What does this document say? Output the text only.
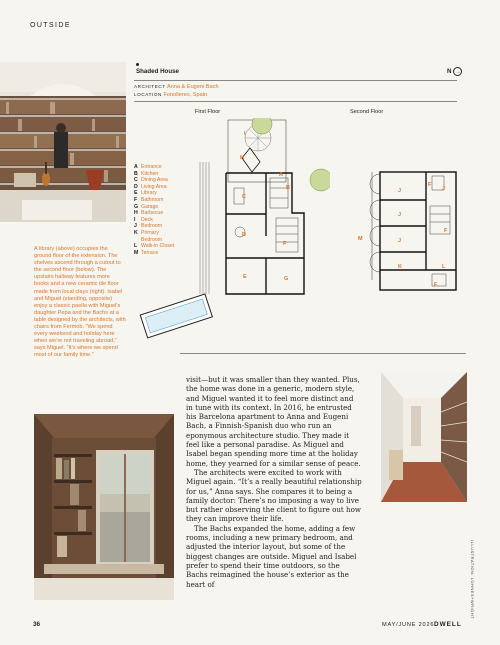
OUTSIDE
A library (above) occupies the ground floor of the extension. The shelves ascend through a cutout to the second floor (below). The upstairs hallway features more books and a new ceramic tile floor made from local clays (right). Isabel and Miguel (standing, opposite) enjoy a classic paella with Miguel's daughter Pepa and the Bachs at a table designed by the architects, with chairs from Fermob. “We spend every weekend and holiday here when we’re not traveling abroad,” says Miguel. “It’s where we spend most of our family time.”
Shaded House	N →
ARCHITECT Anna & Eugeni Bach
LOCATION Fonolleres, Spain
First Floor	Second Floor
A Entrance
B Kitchen
C Dining Area
D Living Area
E Library
F Bathroom
G Garage
H Barbecue
I	Deck
J Bedroom
K Primary
Bedroom
L Walk-in Closet
M Terrace
I
H
A
B
C
D
F
E	G
J	J
F
J
J
F
K	L
F
M

visit—but it was smaller than they wanted. Plus, the home was done in a generic, modern style, and Miguel wanted it to feel more distinct and in tune with its context. In 2016, he entrusted his Barcelona apartment to Anna and Eugeni Bach, a Finnish-Spanish duo who run an eponymous architecture studio. They made it feel like a personal paradise. As Miguel and Isabel began spending more time at the holiday home, they yearned for a similar sense of peace.

The architects were excited to work with Miguel again. “It’s a really beautiful relationship for us,” Anna says. She compares it to being a family doctor: There’s no imposing a way to live but rather observing the client to figure out how they can improve their life.

The Bachs expanded the home, adding a few rooms, including a new primary bedroom, and adjusted the interior layout, but some of the biggest changes are outside. Miguel and Isabel prefer to spend their time outdoors, so the Bachs reimagined the house’s exterior as the heart of	ILLUSTRATION: LOHNES+WRIGHT
36	MAY/JUNE 2026 DWELL
